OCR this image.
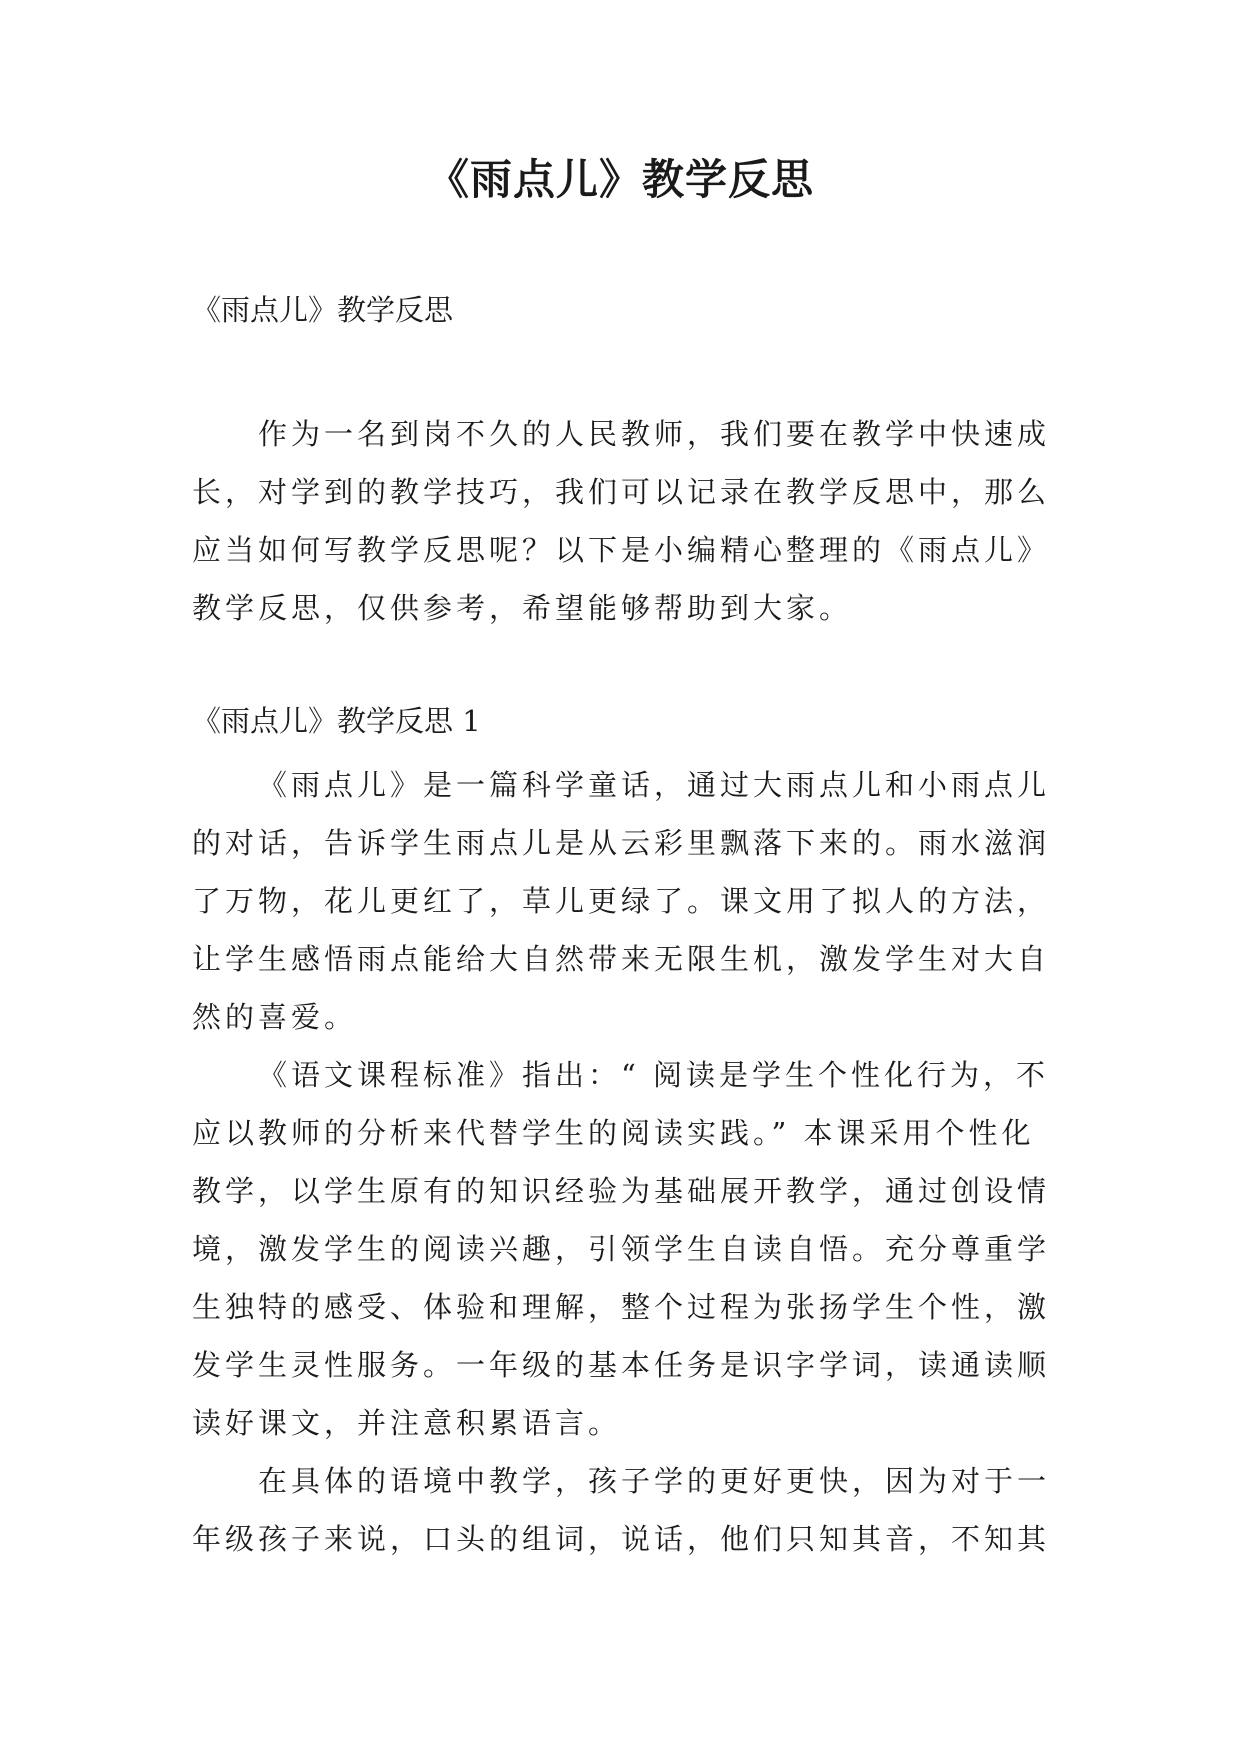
《雨点儿》教学反思

《雨点儿》教学反思

作为一名到岗不久的人民教师，我们要在教学中快速成长，对学到的教学技巧，我们可以记录在教学反思中，那么应当如何写教学反思呢？以下是小编精心整理的《雨点儿》教学反思，仅供参考，希望能够帮助到大家。

《雨点儿》教学反思 1

《雨点儿》是一篇科学童话，通过大雨点儿和小雨点儿的对话，告诉学生雨点儿是从云彩里飘落下来的。雨水滋润了万物，花儿更红了，草儿更绿了。课文用了拟人的方法，让学生感悟雨点能给大自然带来无限生机，激发学生对大自然的喜爱。

《语文课程标准》指出：“ 阅读是学生个性化行为，不应以教师的分析来代替学生的阅读实践。” 本课采用个性化教学，以学生原有的知识经验为基础展开教学，通过创设情境，激发学生的阅读兴趣，引领学生自读自悟。充分尊重学生独特的感受、体验和理解，整个过程为张扬学生个性，激发学生灵性服务。一年级的基本任务是识字学词，读通读顺读好课文，并注意积累语言。

在具体的语境中教学，孩子学的更好更快，因为对于一年级孩子来说，口头的组词，说话，他们只知其音，不知其
